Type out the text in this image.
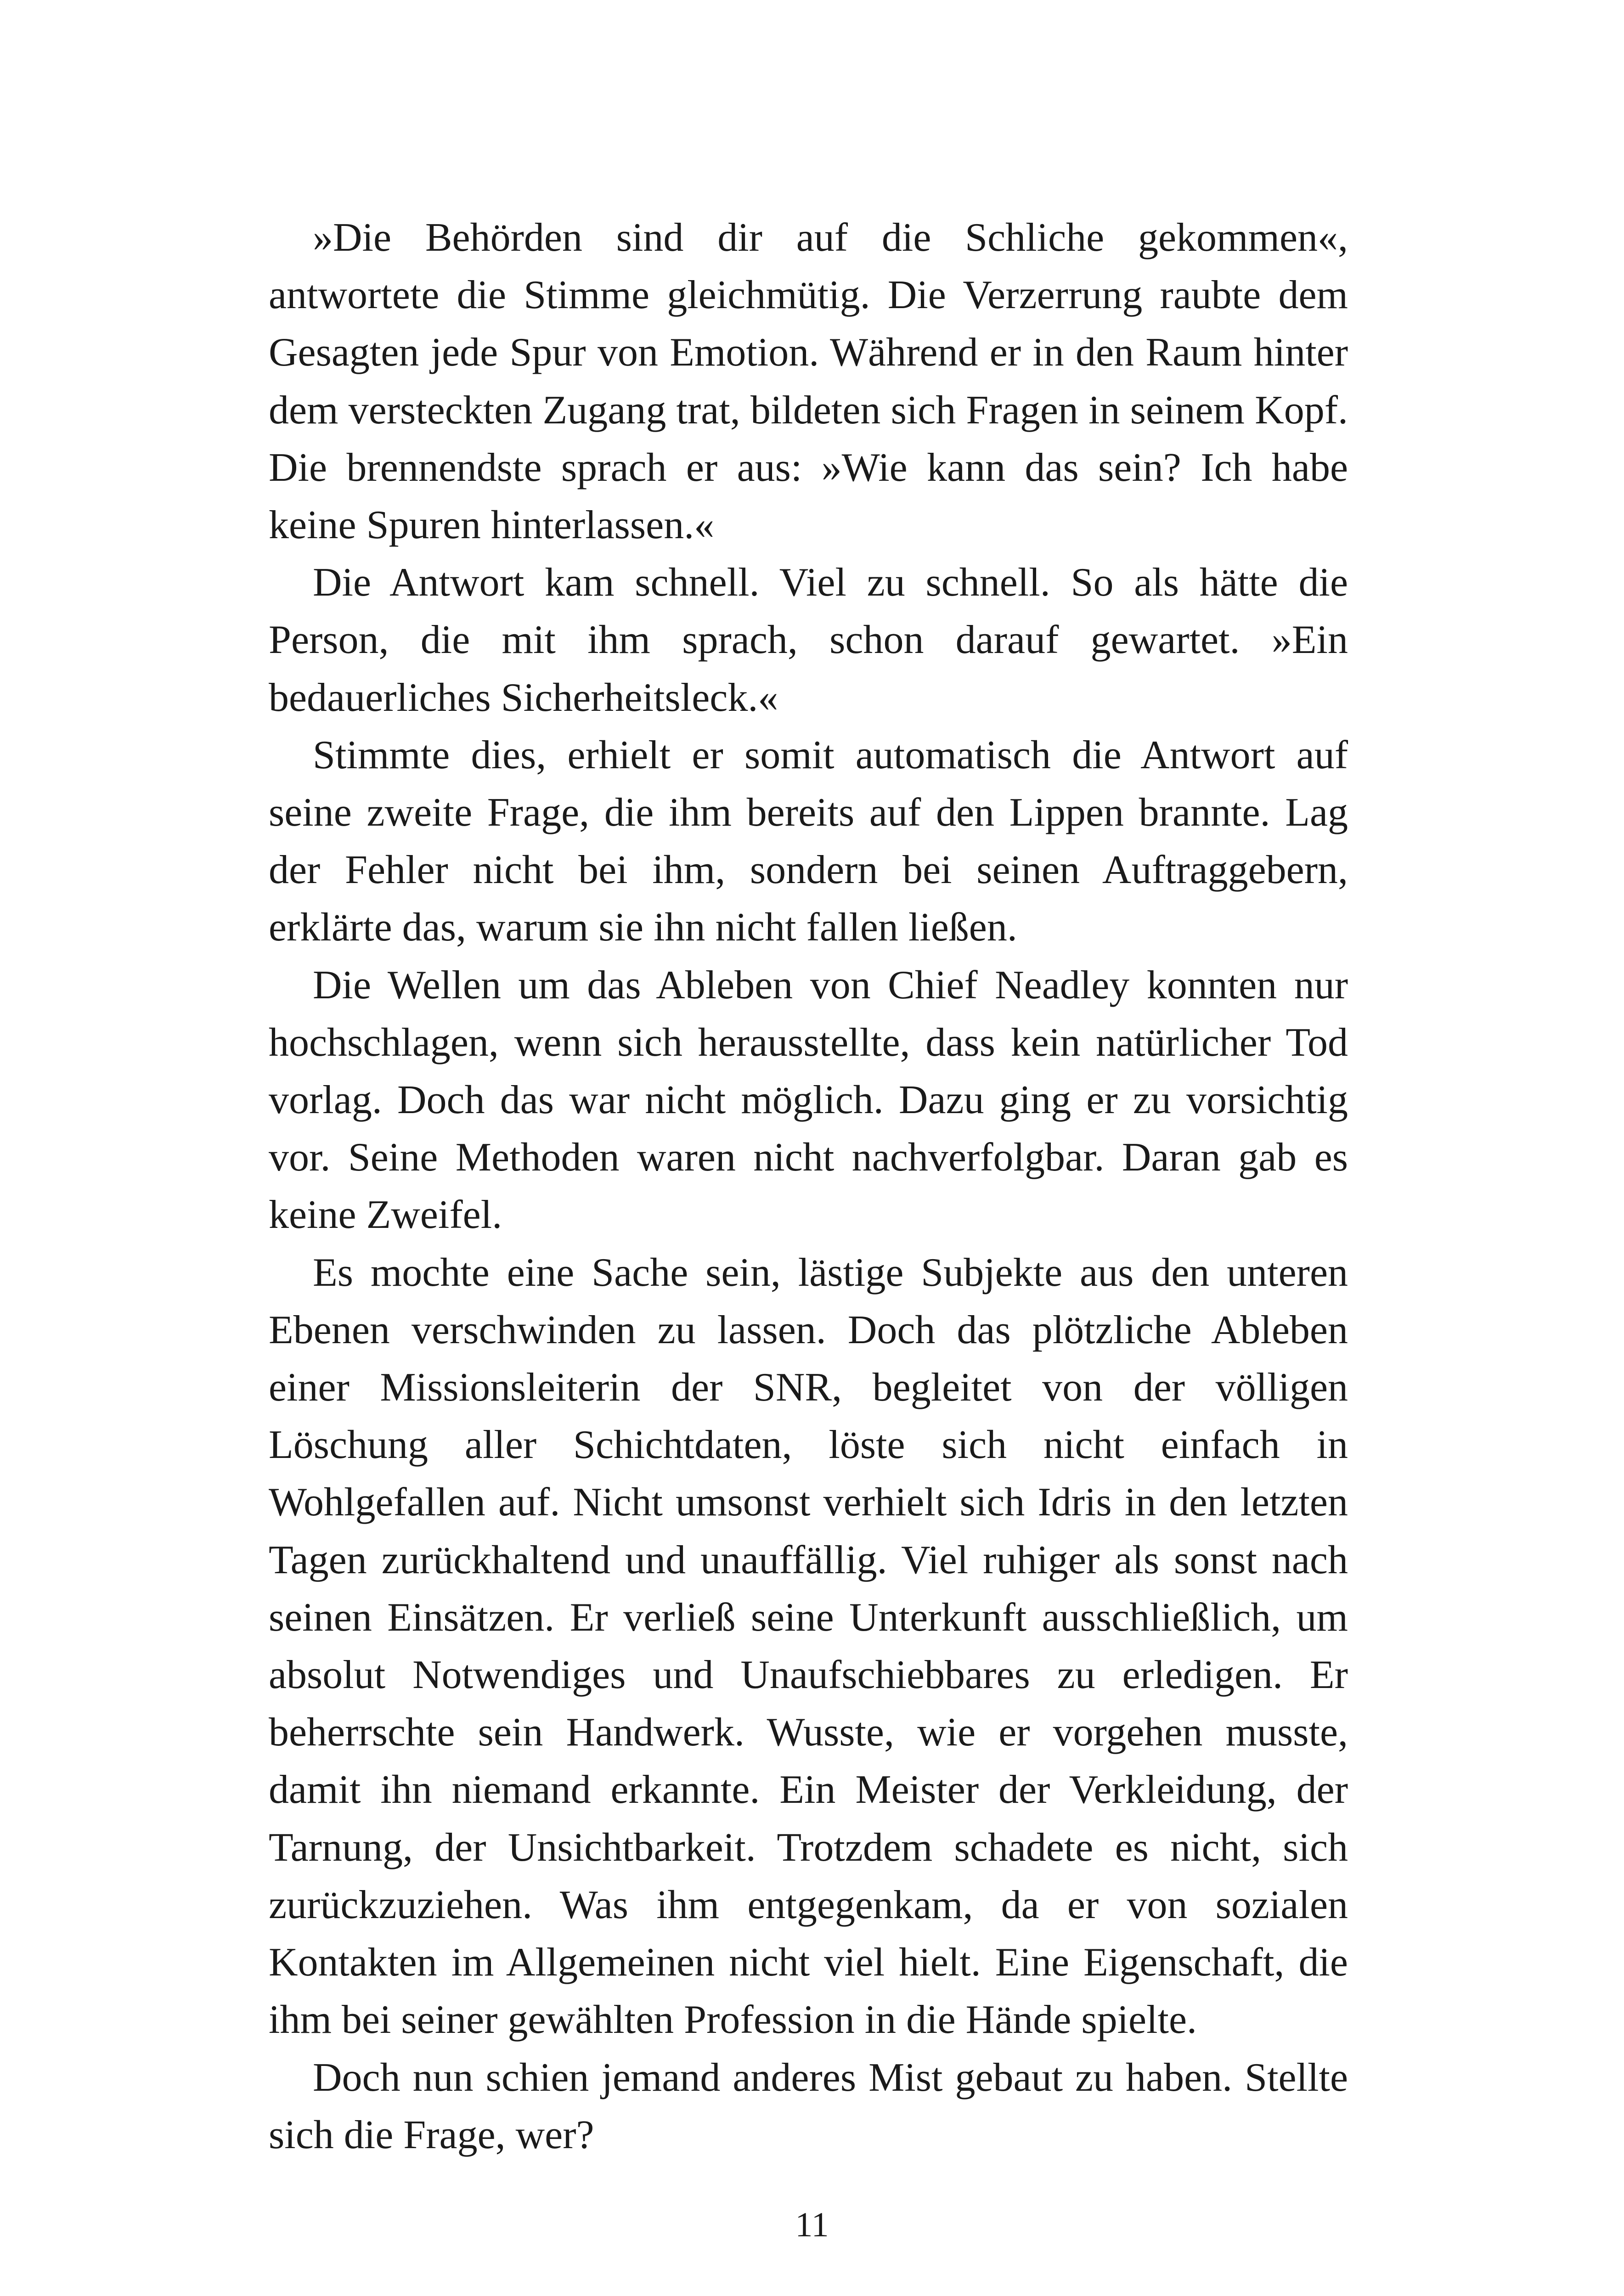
»Die Behörden sind dir auf die Schliche gekommen«, antwortete die Stimme gleichmütig. Die Verzerrung raubte dem Gesagten jede Spur von Emotion. Während er in den Raum hinter dem versteckten Zugang trat, bildeten sich Fragen in seinem Kopf. Die brennendste sprach er aus: »Wie kann das sein? Ich habe keine Spuren hinterlassen.«

Die Antwort kam schnell. Viel zu schnell. So als hätte die Person, die mit ihm sprach, schon darauf gewartet. »Ein bedauerliches Sicherheitsleck.«

Stimmte dies, erhielt er somit automatisch die Antwort auf seine zweite Frage, die ihm bereits auf den Lippen brannte. Lag der Fehler nicht bei ihm, sondern bei seinen Auftraggebern, erklärte das, warum sie ihn nicht fallen ließen.

Die Wellen um das Ableben von Chief Neadley konnten nur hochschlagen, wenn sich herausstellte, dass kein natürlicher Tod vorlag. Doch das war nicht möglich. Dazu ging er zu vorsichtig vor. Seine Methoden waren nicht nachverfolgbar. Daran gab es keine Zweifel.

Es mochte eine Sache sein, lästige Subjekte aus den unteren Ebenen verschwinden zu lassen. Doch das plötzliche Ableben einer Missionsleiterin der SNR, begleitet von der völligen Löschung aller Schichtdaten, löste sich nicht einfach in Wohlgefallen auf. Nicht umsonst verhielt sich Idris in den letzten Tagen zurückhaltend und unauffällig. Viel ruhiger als sonst nach seinen Einsätzen. Er verließ seine Unterkunft ausschließlich, um absolut Notwendiges und Unaufschiebbares zu erledigen. Er beherrschte sein Handwerk. Wusste, wie er vorgehen musste, damit ihn niemand erkannte. Ein Meister der Verkleidung, der Tarnung, der Unsichtbarkeit. Trotzdem schadete es nicht, sich zurückzuziehen. Was ihm entgegenkam, da er von sozialen Kontakten im Allgemeinen nicht viel hielt. Eine Eigenschaft, die ihm bei seiner gewählten Profession in die Hände spielte.

Doch nun schien jemand anderes Mist gebaut zu haben. Stellte sich die Frage, wer?

11
